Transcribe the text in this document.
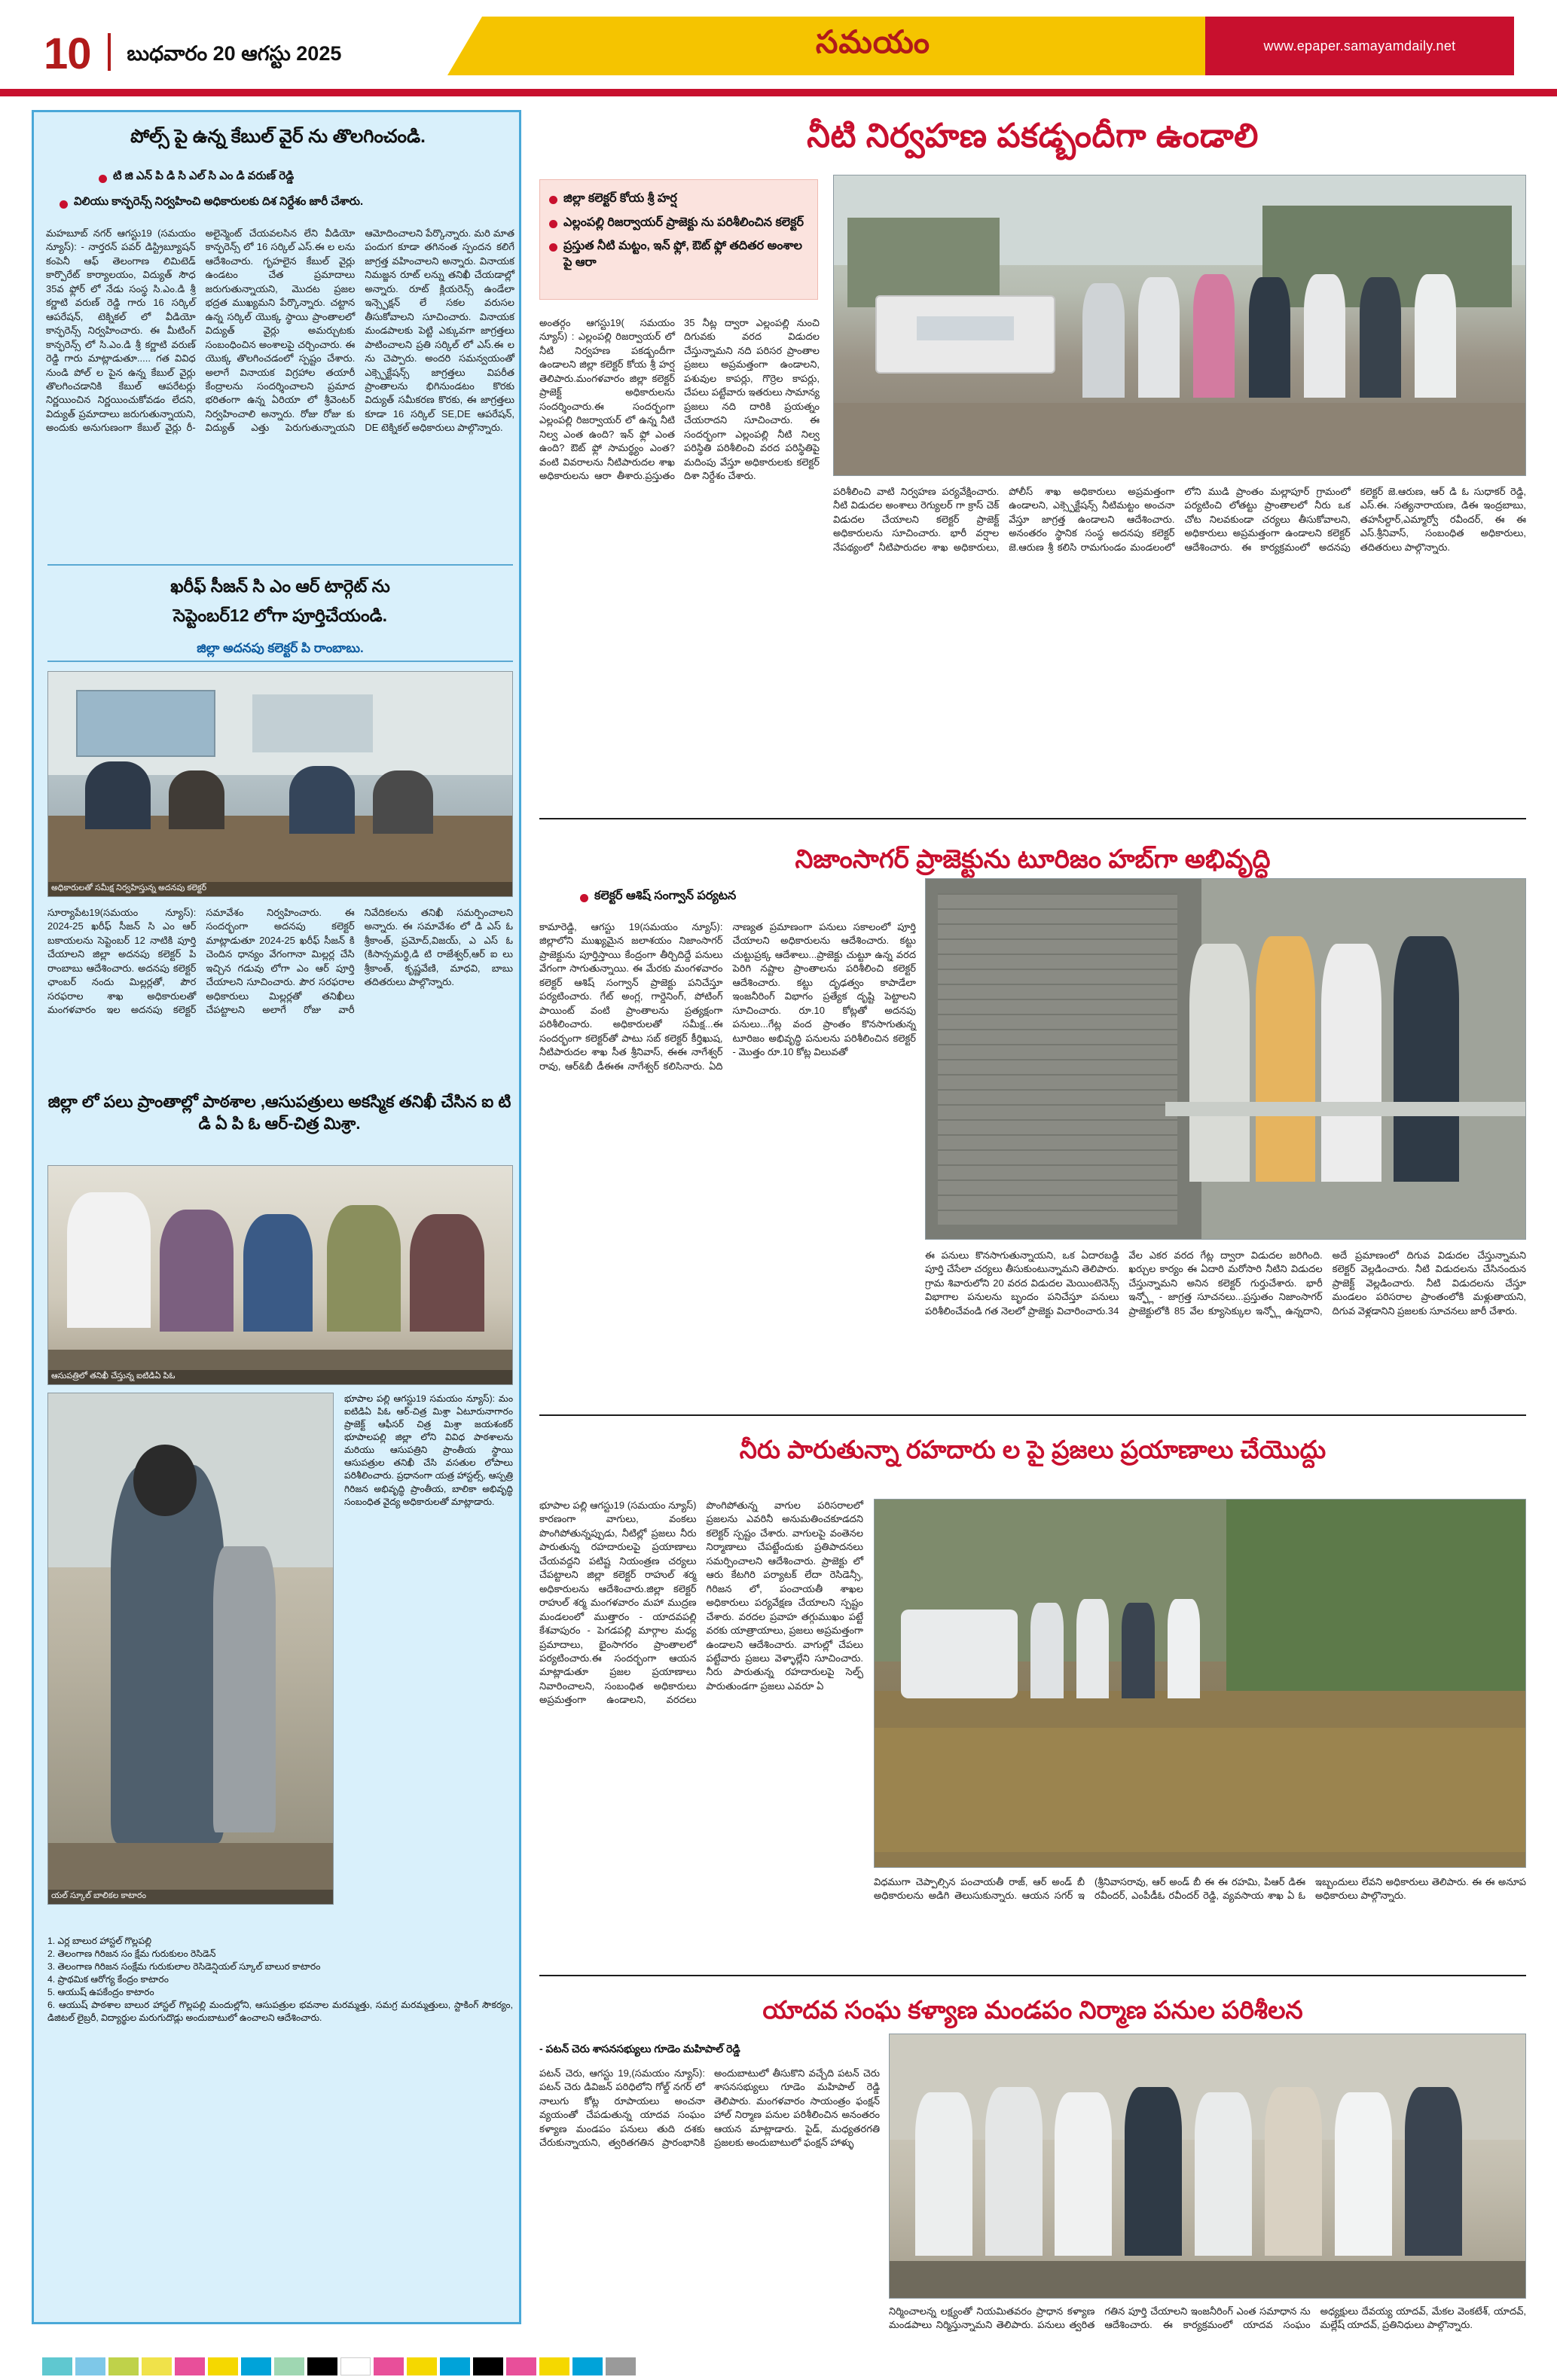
10 బుధవారం 20 ఆగస్టు 2025	సమయం	www.epaper.samayamdaily.net
పోల్స్ పై ఉన్న కేబుల్ వైర్ ను తొలగించండి.
టి జి ఎన్ పి డి సి ఎల్ సి ఎం డి వరుణ్ రెడ్డి
విలియు కాన్ఫరెన్స్ నిర్వహించి అధికారులకు దిశ నిర్దేశం జారీ చేశారు.
మహబూబ్ నగర్ ఆగస్టు19 (సమయం న్యూస్): - నార్తరన్ పవర్ డిస్ట్రిబ్యూషన్ కంపెనీ ఆఫ్ తెలంగాణ లిమిటెడ్ కార్పొరేట్ కార్యాలయం, విద్యుత్ సౌధ 35వ ఫ్లోర్ లో నేడు సంస్థ సి.ఎం.డి శ్రీ కర్ణాటి వరుణ్ రెడ్డి గారు 16 సర్కిల్ ఆపరేషన్, టెక్నికల్ లో వీడియో కాన్ఫరెన్స్ నిర్వహించారు. ఈ మీటింగ్ కాన్ఫరెన్స్ లో సి.ఎం.డి శ్రీ కర్ణాటి వరుణ్ రెడ్డి గారు మాట్లాడుతూ..... గత వివిధ నుండి పోల్ ల పైన ఉన్న కేబుల్ వైర్లు తొలగించడానికి కేబుల్ ఆపరేటర్లు నిర్ణయించిన నిర్ణయించుకోవడం లేదని, విద్యుత్ ప్రమాదాలు జరుగుతున్నాయని, అందుకు అనుగుణంగా కేబుల్ వైర్లు రీ-అలైన్మెంట్ చేయవలసిన లేని వీడియో కాన్ఫరెన్స్ లో 16 సర్కిల్ ఎస్.ఈ ల లను ఆదేశించారు. గృహలైన కేబుల్ వైర్లు ఉండటం చేత ప్రమాదాలు జరుగుతున్నాయని, మొదట ప్రజల భద్రత ముఖ్యమని పేర్కొన్నారు. చట్టాన ఉన్న సర్కిల్ యొక్క స్థాయి ప్రాంతాలలో విద్యుత్ వైర్లు అమర్చుటకు సంబంధించిన అంశాలపై చర్చించారు. ఈ యొక్క తొలగించడంలో స్పష్టం చేశారు. అలాగే వినాయక విగ్రహాల తయారీ కేంద్రాలను సందర్శించాలని ప్రమాద భరితంగా ఉన్న ఏరియా లో శ్రీవెంటర్ నిర్వహించాలి అన్నారు. రోజు రోజు కు విద్యుత్ ఎత్తు పెరుగుతున్నాయని ఆమోదించాలని పేర్కొన్నారు. మరి మాత పందుగ కూడా తగినంత స్పందన కలిగే జాగ్రత్త వహించాలని అన్నారు. వినాయక నిమజ్జన రూట్ లన్ను తనిఖీ చేయడాల్లో అన్నారు. రూట్ క్లియరెన్స్ ఉండేలా ఇన్స్పెక్షన్ లే సకల వరుసల తీసుకోవాలని సూచించారు. వినాయక మండపాలకు పెట్టి ఎక్కువగా జాగ్రత్తలు పాటించాలని ప్రతి సర్కిల్ లో ఎస్.ఈ ల ను చెప్పారు. అందరి సమన్వయంతో ఎక్స్పెక్టేషన్స్ జాగ్రత్తలు విపరీత ప్రాంతాలను భిగినుండటం కొరకు విద్యుత్ సమీకరణ కొరకు, ఈ జాగ్రత్తలు కూడా 16 సర్కిల్ SE,DE ఆపరేషన్, DE టెక్నికల్ అధికారులు పాల్గొన్నారు.
ఖరీఫ్ సీజన్ సి ఎం ఆర్ టార్గెట్ ను
సెప్టెంబర్12 లోగా పూర్తిచేయండి.
జిల్లా అదనపు కలెక్టర్ పి రాంబాబు.
అధికారులతో సమీక్ష నిర్వహిస్తున్న అదనపు కలెక్టర్
సూర్యాపేట19(సమయం న్యూస్): 2024-25 ఖరీఫ్ సీజన్ సి ఎం ఆర్ బకాయలను సెప్టెంబర్ 12 నాటికి పూర్తి చేయాలని జిల్లా అదనపు కలెక్టర్ పి రాంబాబు ఆదేశించారు. అదనపు కలెక్టర్ ఛాంబర్ నందు మిల్లర్లతో, పౌర సరఫరాల శాఖ అధికారులతో మంగళవారం ఇల అదనపు కలెక్టర్ సమావేశం నిర్వహించారు. ఈ సందర్భంగా అదనపు కలెక్టర్ మాట్లాడుతూ 2024-25 ఖరీఫ్ సీజన్ కి చెందిన ధాన్యం వేగంగానా మిల్లర్ల చేసి ఇచ్చిన గడువు లోగా ఎం ఆర్ పూర్తి చేయాలని సూచించారు. పౌర సరఫరాల అధికారులు మిల్లర్లతో తనిఖీలు చేపట్టాలని అలాగే రోజు వారీ నివేదికలను తనిఖీ సమర్పించాలని అన్నారు. ఈ సమావేశం లో డి ఎస్ ఓ శ్రీకాంత్, ప్రమోద్,విజయ్, ఎ ఎస్ ఓ (కిసాన్సమర్థి,డి టి రాజేశ్వర్,ఆర్ ఐ లు శ్రీకాంత్, కృష్ణవేణి, మాధవి, బాబు తదితరులు పాల్గొన్నారు.
జిల్లా లో పలు ప్రాంతాల్లో పాఠశాల ,ఆసుపత్రులు అకస్మిక తనిఖీ చేసిన ఐ టి డి ఏ పి ఓ ఆర్-చిత్ర మిశ్రా.
ఆసుపత్రిలో తనిఖీ చేస్తున్న ఐటిడిఏ పిఓ
యల్ స్కూల్ బాలికల కాటారం
భూపాల పల్లి ఆగస్టు19 సమయం న్యూస్): మం ఐటిడిఏ పిఓ ఆర్-చిత్ర మిశ్రా ఏటూరునాగారం ప్రాజెక్ట్ ఆఫీసర్ చిత్ర మిశ్రా జయశంకర్ భూపాలపల్లి జిల్లా లోని వివిధ పాఠశాలను మరియు ఆసుపత్రిని ప్రాంతీయ స్థాయి ఆసుపత్రుల తనిఖీ చేసి వసతుల లోపాలు పరిశీలించారు. ప్రధానంగా యత్ర హాస్టల్స్, ఆస్పత్రి గిరిజన అభివృద్ధి ప్రాంతీయ, బాలికా అభివృద్ధి సంబంధిత వైద్య అధికారులతో మాట్లాడారు.
1. ఎర్ల బాలుర హాస్టల్ గొల్లపల్లి
2. తెలంగాణ గిరిజన సం క్షేమ గురుకులం రెసిడెన్
3. తెలంగాణ గిరిజన సంక్షేమ గురుకులాల రెసిడెన్షియల్ స్కూల్ బాలుర కాటారం
4. ప్రాథమిక ఆరోగ్య కేంద్రం కాటారం
5. ఆయుష్ ఉపకేంద్రం కాటారం
6. ఆయుష్ పాఠశాల బాలుర హాస్టల్ గొల్లపల్లి మందుల్లోని, ఆసుపత్రుల భవనాల మరమ్మత్తు, సమగ్ర మరమ్మత్తులు, స్టాకింగ్ సౌకర్యం, డిజిటల్ లైబ్రరీ, విద్యార్థుల మరుగుదొడ్లు అందుబాటులో ఉంచాలని ఆదేశించారు.
నీటి నిర్వహణ పకడ్బందీగా ఉండాలి
జిల్లా కలెక్టర్ కోయ శ్రీ హర్ష
ఎల్లంపల్లి రిజర్వాయర్ ప్రాజెక్టు ను పరిశీలించిన కలెక్టర్
ప్రస్తుత నీటి మట్టం, ఇన్ ఫ్లో, ఔట్ ఫ్లో తదితర అంశాల పై ఆరా
అంతర్గం ఆగస్టు19( సమయం న్యూస్) : ఎల్లంపల్లి రిజర్వాయర్ లో నీటి నిర్వహణ పకడ్బందీగా ఉండాలని జిల్లా కలెక్టర్ కోయ శ్రీ హర్ష తెలిపారు.మంగళవారం జిల్లా కలెక్టర్ ప్రాజెక్ట్ అధికారులను సందర్శించారు.ఈ సందర్భంగా ఎల్లంపల్లి రిజర్వాయర్ లో ఉన్న నీటి నిల్వ ఎంత ఉంది? ఇన్ ఫ్లో ఎంత ఉంది? ఔట్ ఫ్లో సామర్థ్యం ఎంత? వంటి వివరాలను నీటిపారుదల శాఖ అధికారులను ఆరా తీశారు.ప్రస్తుతం 35 నీట్ల ద్వారా ఎల్లంపల్లి నుంచి దిగువకు వరద విడుదల చేస్తున్నామని నది పరిసర ప్రాంతాల ప్రజలు అప్రమత్తంగా ఉండాలని, పశువుల కాపర్లు, గొర్రెల కాపర్లు, చేపలు పట్టేవారు ఇతరులు సామాన్య ప్రజలు నది దారికి ప్రయత్నం చేయరాదని సూచించారు. ఈ సందర్భంగా ఎల్లంపల్లి నీటి నిల్వ పరిస్థితి పరిశీలించి వరద పరిస్థితిపై మదింపు వేస్తూ అధికారులకు కలెక్టర్ దిశా నిర్దేశం చేశారు.
పరిశీలించి వాటి నిర్వహణ పర్యవేక్షించారు. నీటి విడుదల అంశాలు రెగ్యులర్ గా క్రాస్ చెక్ విడుదల చేయాలని కలెక్టర్ ప్రాజెక్ట్ అధికారులను సూచించారు. భారీ వర్షాల నేపథ్యంలో నీటిపారుదల శాఖ అధికారులు, పోలీస్ శాఖ అధికారులు అప్రమత్తంగా ఉండాలని, ఎక్స్పెక్టేషన్స్ నీటిమట్టం అంచనా వేస్తూ జాగ్రత్త ఉండాలని ఆదేశించారు. అనంతరం స్థానిక సంస్థ అదనపు కలెక్టర్ జె.ఆరుణ శ్రీ కలిసి రామగుండం మండలంలో లోని ముడి ప్రాంతం మల్లాపూర్ గ్రామంలో పర్యటించి లోతట్టు ప్రాంతాలలో నీరు ఒక చోట నిలవకుండా చర్యలు తీసుకోవాలని, అధికారులు అప్రమత్తంగా ఉండాలని కలెక్టర్ ఆదేశించారు. ఈ కార్యక్రమంలో అదనపు కలెక్టర్ జె.ఆరుణ, ఆర్ డి ఓ సుధాకర్ రెడ్డి, ఎస్.ఈ. సత్యనారాయణ, డిఈ ఇంద్రబాబు, తహసీల్దార్,ఎమ్మార్వో రవీందర్, ఈ ఈ ఎస్.శ్రీనివాస్, సంబంధిత అధికారులు, తదితరులు పాల్గొన్నారు.
నిజాంసాగర్ ప్రాజెక్టును టూరిజం హబ్‌గా అభివృద్ధి
కలెక్టర్ ఆశిష్ సంగ్వాన్ పర్యటన
కామారెడ్డి, ఆగస్టు 19(సమయం న్యూస్): జిల్లాలోని ముఖ్యమైన జలాశయం నిజాంసాగర్ ప్రాజెక్టును పూర్తిస్తాయి కేంద్రంగా తీర్చిదిద్దే పనులు వేగంగా సాగుతున్నాయి. ఈ మేరకు మంగళవారం కలెక్టర్ ఆశిష్ సంగ్వాన్ ప్రాజెక్టు పనిచేస్తూ పర్యటించారు. గేట్ అంగ్ల, గార్డెనింగ్, పోటింగ్ పాయింట్ వంటి ప్రాంతాలను ప్రత్యక్షంగా పరిశీలించారు. అధికారులతో సమీక్ష...ఈ సందర్భంగా కలెక్టర్‌తో పాటు సబ్ కలెక్టర్ కీర్తిఖుష, నీటిపారుదల శాఖ సీత శ్రీనివాస్, ఈఈ నాగేశ్వర్ రావు, ఆర్&బీ డీఈఈ నాగేశ్వర్ కలిసినారు. ఏది నాణ్యత ప్రమాణంగా పనులు సకాలంలో పూర్తి చేయాలని అధికారులను ఆదేశించారు. కట్టు చుట్టుప్రక్క ఆదేశాలు...ప్రాజెక్టు చుట్టూ ఉన్న వరద పెరిగి నష్టాల ప్రాంతాలను పరిశీలించి కలెక్టర్ ఆదేశించారు. కట్టు దృఢత్వం కాపాడేలా ఇంజనీరింగ్ విభాగం ప్రత్యేక దృష్టి పెట్టాలని సూచించారు. రూ.10 కోట్లతో అదనపు పనులు...గేట్ల వంద ప్రాంతం కొనసాగుతున్న టూరిజం అభివృద్ధి పనులను పరిశీలించిన కలెక్టర్ - మొత్తం రూ.10 కోట్ల విలువతో
ఈ పనులు కొనసాగుతున్నాయని, ఒక ఏదారబడ్డి పూర్తి చేసేలా చర్యలు తీసుకుంటున్నామని తెలిపారు. గ్రామ శివారులోని 20 వరద విడుదల మెయింటెనెన్స్ విభాగాల పనులను బృందం పనిచేస్తూ పనులు పరిశీలించేవండి గత నెలలో ప్రాజెక్టు విచారించారు.34 వేల ఎకర వరద గేట్ల ద్వారా విడుదల జరిగింది. ఖర్చుల కార్యం ఈ ఏదారి మరోసారి నీటిని విడుదల చేస్తున్నామని అనిన కలెక్టర్ గుర్తుచేశారు. భారీ ఇన్ఫ్లో - జాగ్రత్త సూచనలు...ప్రస్తుతం నిజాంసాగర్ ప్రాజెక్టులోకి 85 వేల క్యూసెక్కుల ఇన్ఫ్లో ఉన్నదాని, అదే ప్రమాణంలో దిగువ విడుదల చేస్తున్నామని కలెక్టర్ వెల్లడించారు. నీటి విడుదలను చేసినందున ప్రాజెక్ట్ వెల్లడించారు. నీటి విడుదలను చేస్తూ మండలం పరిసరాల ప్రాంతంలోకి మళ్లుతాయని, దిగువ వెళ్లడానిని ప్రజలకు సూచనలు జారీ చేశారు.
నీరు పారుతున్నా రహదారు ల పై ప్రజలు ప్రయాణాలు చేయొద్దు
భూపాల పల్లి ఆగస్టు19 (సమయం న్యూస్) కారణంగా వాగులు, వంకలు పొంగిపోతున్నప్పుడు, నీటిల్లో ప్రజలు నీరు పారుతున్న రహదారులపై ప్రయాణాలు చేయవద్దని పటిష్ట నియంత్రణ చర్యలు చేపట్టాలని జిల్లా కలెక్టర్ రాహుల్ శర్మ అధికారులను ఆదేశించారు.జిల్లా కలెక్టర్ రాహుల్ శర్మ మంగళవారం మహా ముద్రణ మండలంలో ముత్తారం - యాదవపల్లి కేశవాపురం - పెగడపల్లి మార్గాల మధ్య ప్రమాదాలు, భైంసాగరం ప్రాంతాలలో పర్యటించారు.ఈ సందర్భంగా ఆయన మాట్లాడుతూ ప్రజల ప్రయాణాలు నివారించాలని, సంబంధిత అధికారులు అప్రమత్తంగా ఉండాలని, వరదలు పొంగిపోతున్న వాగుల పరిసరాలలో ప్రజలను ఎవరినీ అనుమతించకూడదని కలెక్టర్ స్పష్టం చేశారు. వాగులపై వంతెనల నిర్మాణాలు చేపట్టేందుకు ప్రతిపాదనలు సమర్పించాలని ఆదేశించారు. ప్రాజెక్టు లో ఆరు కేటగిరి పర్యాటక్ లేదా రెసిడెన్సీ, గిరిజన లో, పంచాయతీ శాఖల అధికారులు పర్యవేక్షణ చేయాలని స్పష్టం చేశారు. వరదల ప్రవాహ తగ్గుముఖం పట్టే వరకు యాత్రాయాలు, ప్రజలు అప్రమత్తంగా ఉండాలని ఆదేశించారు. వాగుల్లో చేపలు పట్టేవారు ప్రజలు వెళ్ళాల్లేని సూచించారు. నీరు పారుతున్న రహదారులపై సెల్ఫ్ పారుతుండగా ప్రజలు ఎవరూ ఏ
విధముగా చెప్పాల్సిన పంచాయతీ రాజ్, ఆర్ అండ్ బీ అధికారులను అడిగి తెలుసుకున్నారు. ఆయన సగర్ ఇ (శ్రీనివాసరావు, ఆర్ అండ్ బీ ఈ ఈ రహమి, పిఆర్ డిఈ రవీందర్, ఎంపీడీఓ రవీందర్ రెడ్డి, వ్యవసాయ శాఖ ఏ ఓ ఇబ్బందులు లేవని అధికారులు తెలిపారు. ఈ ఈ అనూప అధికారులు పాల్గొన్నారు.
యాదవ సంఘ కళ్యాణ మండపం నిర్మాణ పనుల పరిశీలన
- పటన్ చెరు శాసనసభ్యులు గూడెం మహిపాల్ రెడ్డి
పటన్ చెరు, ఆగస్టు 19,(సమయం న్యూస్): పటన్ చెరు డివిజన్ పరిధిలోని గోల్డ్ నగర్ లో నాలుగు కోట్ల రూపాయలు అంచనా వ్యయంతో చేపడుతున్న యాదవ సంఘం కళ్యాణ మండపం పనులు తుది దశకు చేరుకున్నాయని, త్వరితగతిన ప్రారంభానికి అందుబాటులో తీసుకొని వచ్చేది పటన్ చెరు శాసనసభ్యులు గూడెం మహిపాల్ రెడ్డి తెలిపారు. మంగళవారం సాయంత్రం ఫంక్షన్ హాల్ నిర్మాణ పనుల పరిశీలించిన అనంతరం ఆయన మాట్లాడారు. పైడ్, మధ్యతరగతి ప్రజలకు అందుబాటులో ఫంక్షన్ హాళ్ళు
నిర్మించాలన్న లక్ష్యంతో నియమితవరం ప్రాధాన కళ్యాణ మండపాలు నిర్మిస్తున్నామని తెలిపారు. పనులు త్వరిత గతిన పూర్తి చేయాలని ఇంజనీరింగ్ ఎంత సమాధాన ను ఆదేశించారు. ఈ కార్యక్రమంలో యాదవ సంఘం అధ్యక్షులు దేవయ్య యాదవ్, మేకల వెంకటేశ్, యాదవ్, మల్లేష్ యాదవ్, ప్రతినిధులు పాల్గొన్నారు.
